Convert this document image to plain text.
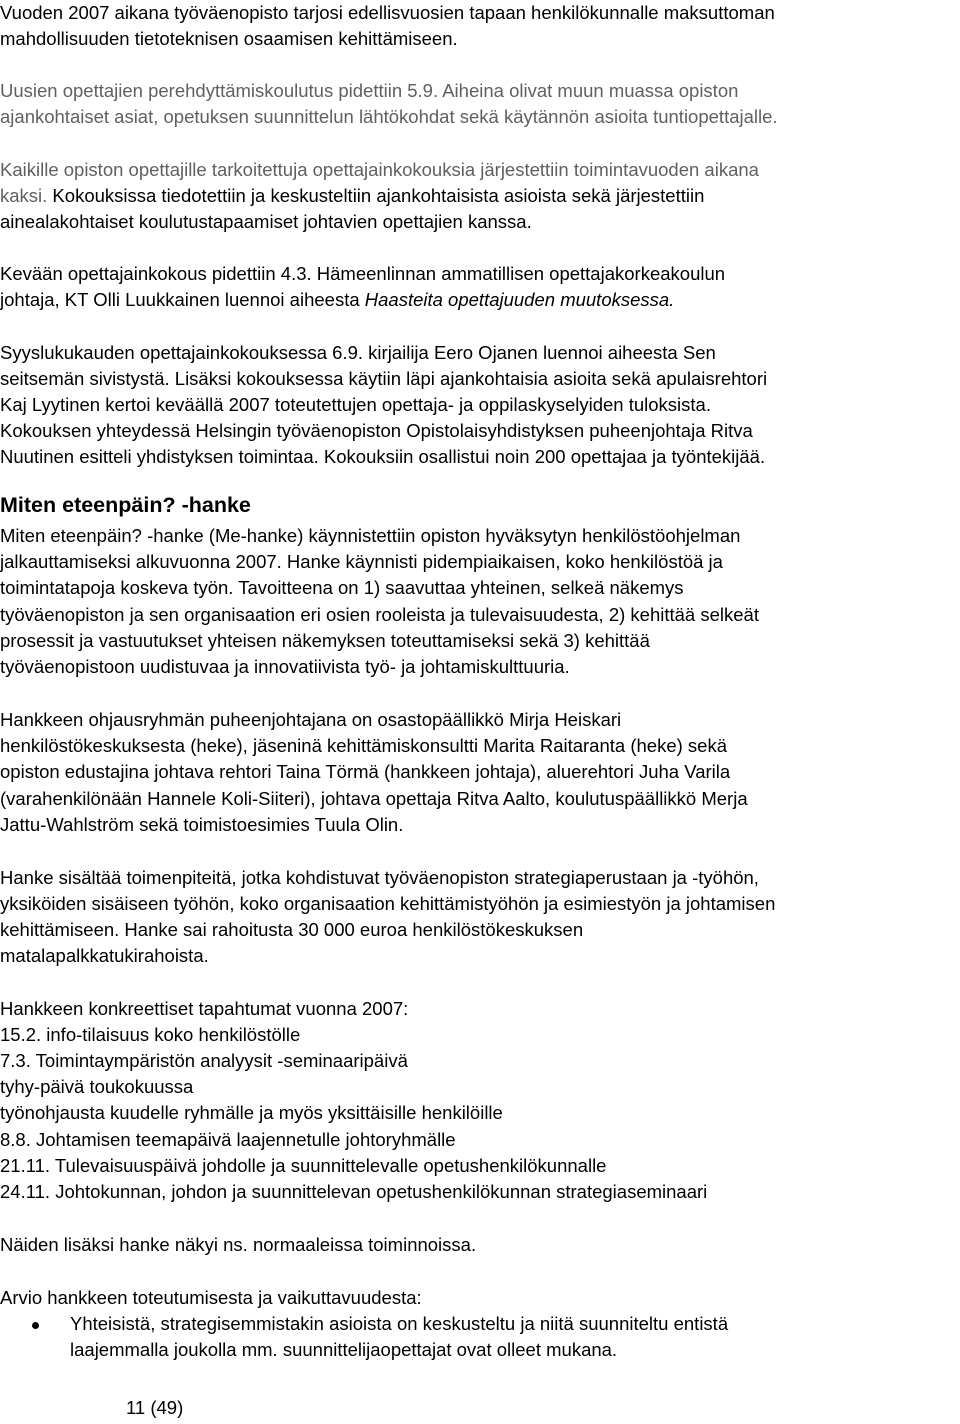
Vuoden 2007 aikana työväenopisto tarjosi edellisvuosien tapaan henkilökunnalle maksuttoman
mahdollisuuden tietoteknisen osaamisen kehittämiseen.
Uusien opettajien perehdyttämiskoulutus pidettiin 5.9. Aiheina olivat muun muassa opiston
ajankohtaiset asiat, opetuksen suunnittelun lähtökohdat sekä käytännön asioita tuntiopettajalle.
Kaikille opiston opettajille tarkoitettuja opettajainkokouksia järjestettiin toimintavuoden aikana
kaksi. Kokouksissa tiedotettiin ja keskusteltiin ajankohtaisista asioista sekä järjestettiin
ainealakohtaiset koulutustapaamiset johtavien opettajien kanssa.
Kevään opettajainkokous pidettiin 4.3. Hämeenlinnan ammatillisen opettajakorkeakoulun
johtaja, KT Olli Luukkainen luennoi aiheesta Haasteita opettajuuden muutoksessa.
Syyslukukauden opettajainkokouksessa 6.9. kirjailija Eero Ojanen luennoi aiheesta Sen
seitsemän sivistystä. Lisäksi kokouksessa käytiin läpi ajankohtaisia asioita sekä apulaisrehtori
Kaj Lyytinen kertoi keväällä 2007 toteutettujen opettaja- ja oppilaskyselyiden tuloksista.
Kokouksen yhteydessä Helsingin työväenopiston Opistolaisyhdistyksen puheenjohtaja Ritva
Nuutinen esitteli yhdistyksen toimintaa. Kokouksiin osallistui noin 200 opettajaa ja työntekijää.
Miten eteenpäin? -hanke
Miten eteenpäin? -hanke (Me-hanke) käynnistettiin opiston hyväksytyn henkilöstöohjelman
jalkauttamiseksi alkuvuonna 2007. Hanke käynnisti pidempiaikaisen, koko henkilöstöä ja
toimintatapoja koskeva työn. Tavoitteena on 1) saavuttaa yhteinen, selkeä näkemys
työväenopiston ja sen organisaation eri osien rooleista ja tulevaisuudesta, 2) kehittää selkeät
prosessit ja vastuutukset yhteisen näkemyksen toteuttamiseksi sekä 3) kehittää
työväenopistoon uudistuvaa ja innovatiivista työ- ja johtamiskulttuuria.
Hankkeen ohjausryhmän puheenjohtajana on osastopäällikkö Mirja Heiskari
henkilöstökeskuksesta (heke), jäseninä kehittämiskonsultti Marita Raitaranta (heke) sekä
opiston edustajina johtava rehtori Taina Törmä (hankkeen johtaja), aluerehtori Juha Varila
(varahenkilönään Hannele Koli-Siiteri), johtava opettaja Ritva Aalto, koulutuspäällikkö Merja
Jattu-Wahlström sekä toimistoesimies Tuula Olin.
Hanke sisältää toimenpiteitä, jotka kohdistuvat työväenopiston strategiaperustaan ja -työhön,
yksiköiden sisäiseen työhön, koko organisaation kehittämistyöhön ja esimiestyön ja johtamisen
kehittämiseen. Hanke sai rahoitusta 30 000 euroa henkilöstökeskuksen
matalapalkkatukirahoista.
Hankkeen konkreettiset tapahtumat vuonna 2007:
15.2. info-tilaisuus koko henkilöstölle
7.3. Toimintaympäristön analyysit -seminaaripäivä
tyhy-päivä toukokuussa
työnohjausta kuudelle ryhmälle ja myös yksittäisille henkilöille
8.8. Johtamisen teemapäivä laajennetulle johtoryhmälle
21.11. Tulevaisuuspäivä johdolle ja suunnittelevalle opetushenkilökunnalle
24.11. Johtokunnan, johdon ja suunnittelevan opetushenkilökunnan strategiaseminaari
Näiden lisäksi hanke näkyi ns. normaaleissa toiminnoissa.
Arvio hankkeen toteutumisesta ja vaikuttavuudesta:
Yhteisistä, strategisemmistakin asioista on keskusteltu ja niitä suunniteltu entistä
laajemmalla joukolla mm. suunnittelijaopettajat ovat olleet mukana.
11 (49)
